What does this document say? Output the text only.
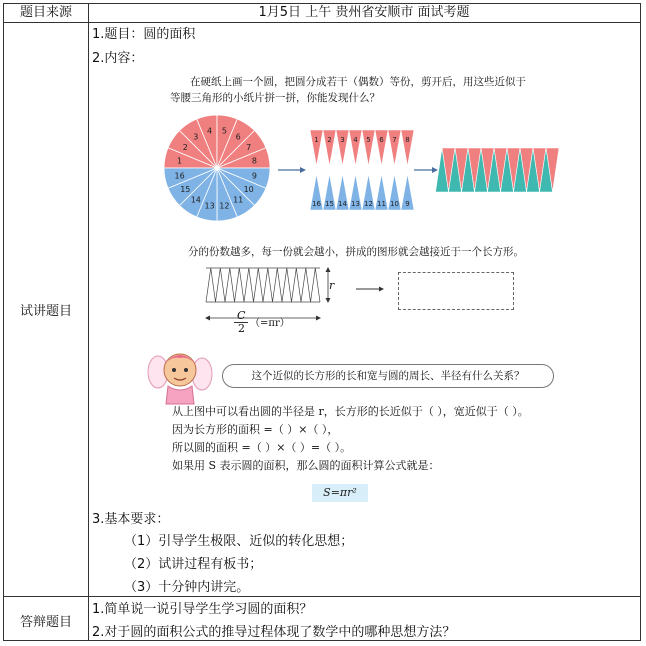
题目来源	1月5日 上午 贵州省安顺市 面试考题
试讲题目
1.题目：圆的面积
2.内容：
在硬纸上画一个圆，把圆分成若干（偶数）等份，剪开后，用这些近似于
等腰三角形的小纸片拼一拼，你能发现什么？
1
2
3
4 5
6
7
8
9
10
11
12
13
14
15
16
1
16
2
15
3
14
4
13
5
12
6
11
7
10
8
9
分的份数越多，每一份就会越小，拼成的图形就会越接近于一个长方形。
r
C
2 （=πr）
这个近似的长方形的长和宽与圆的周长、半径有什么关系？
从上图中可以看出圆的半径是 r，长方形的长近似于（ ），宽近似于（ ）。
因为长方形的面积 =（ ）×（ ），
所以圆的面积 =（ ）×（ ）=（ ）。
如果用 S 表示圆的面积，那么圆的面积计算公式就是：
S=πr²
3.基本要求：
（1）引导学生极限、近似的转化思想；
（2）试讲过程有板书；
（3）十分钟内讲完。
答辩题目
1.简单说一说引导学生学习圆的面积？
2.对于圆的面积公式的推导过程体现了数学中的哪种思想方法？
